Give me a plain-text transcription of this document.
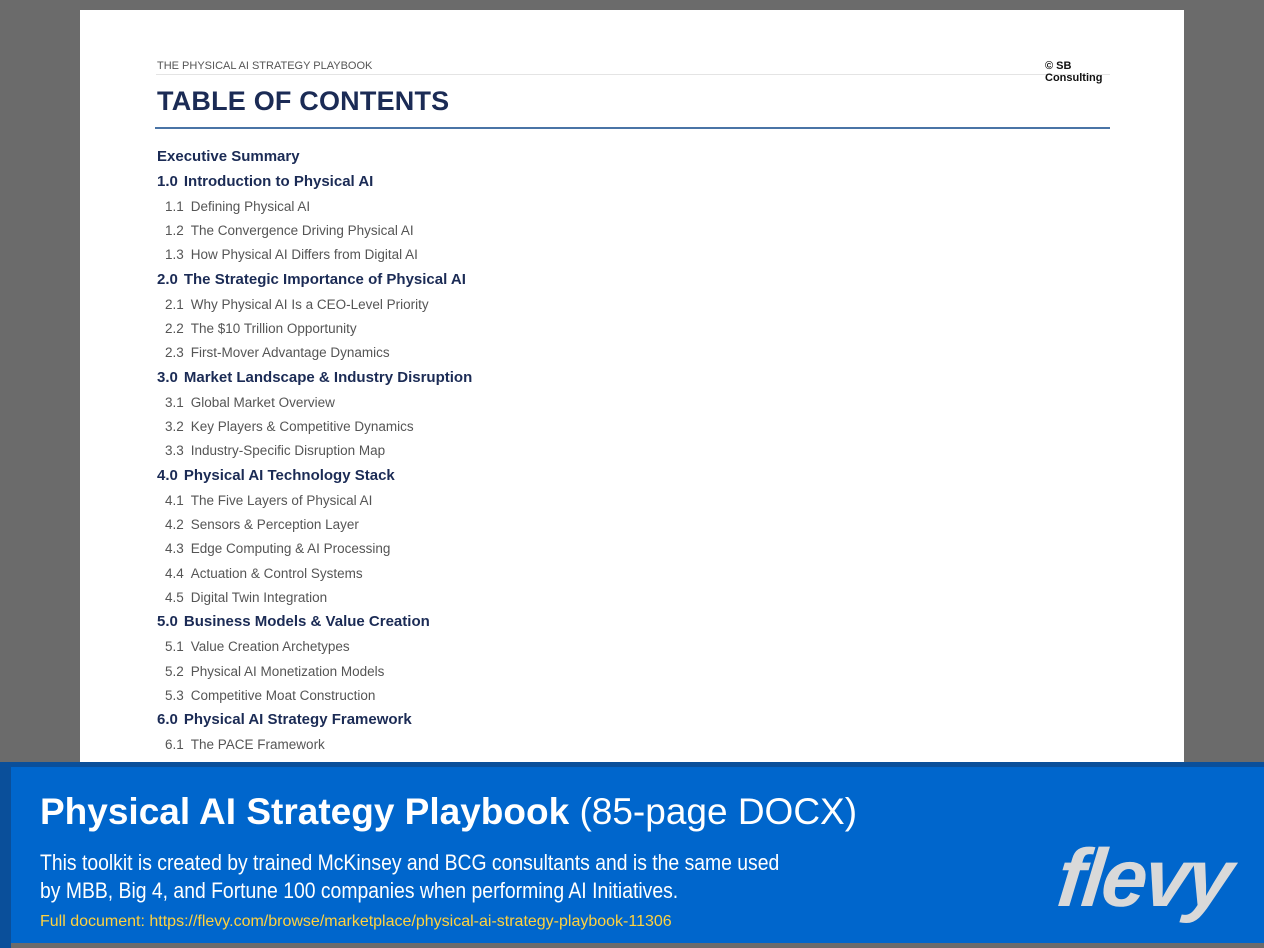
THE PHYSICAL AI STRATEGY PLAYBOOK	© SB Consulting
TABLE OF CONTENTS
Executive Summary
1.0 Introduction to Physical AI
1.1 Defining Physical AI
1.2 The Convergence Driving Physical AI
1.3 How Physical AI Differs from Digital AI
2.0 The Strategic Importance of Physical AI
2.1 Why Physical AI Is a CEO-Level Priority
2.2 The $10 Trillion Opportunity
2.3 First-Mover Advantage Dynamics
3.0 Market Landscape & Industry Disruption
3.1 Global Market Overview
3.2 Key Players & Competitive Dynamics
3.3 Industry-Specific Disruption Map
4.0 Physical AI Technology Stack
4.1 The Five Layers of Physical AI
4.2 Sensors & Perception Layer
4.3 Edge Computing & AI Processing
4.4 Actuation & Control Systems
4.5 Digital Twin Integration
5.0 Business Models & Value Creation
5.1 Value Creation Archetypes
5.2 Physical AI Monetization Models
5.3 Competitive Moat Construction
6.0 Physical AI Strategy Framework
6.1 The PACE Framework
Physical AI Strategy Playbook (85-page DOCX)
This toolkit is created by trained McKinsey and BCG consultants and is the same used by MBB, Big 4, and Fortune 100 companies when performing AI Initiatives.
Full document: https://flevy.com/browse/marketplace/physical-ai-strategy-playbook-11306	flevy
